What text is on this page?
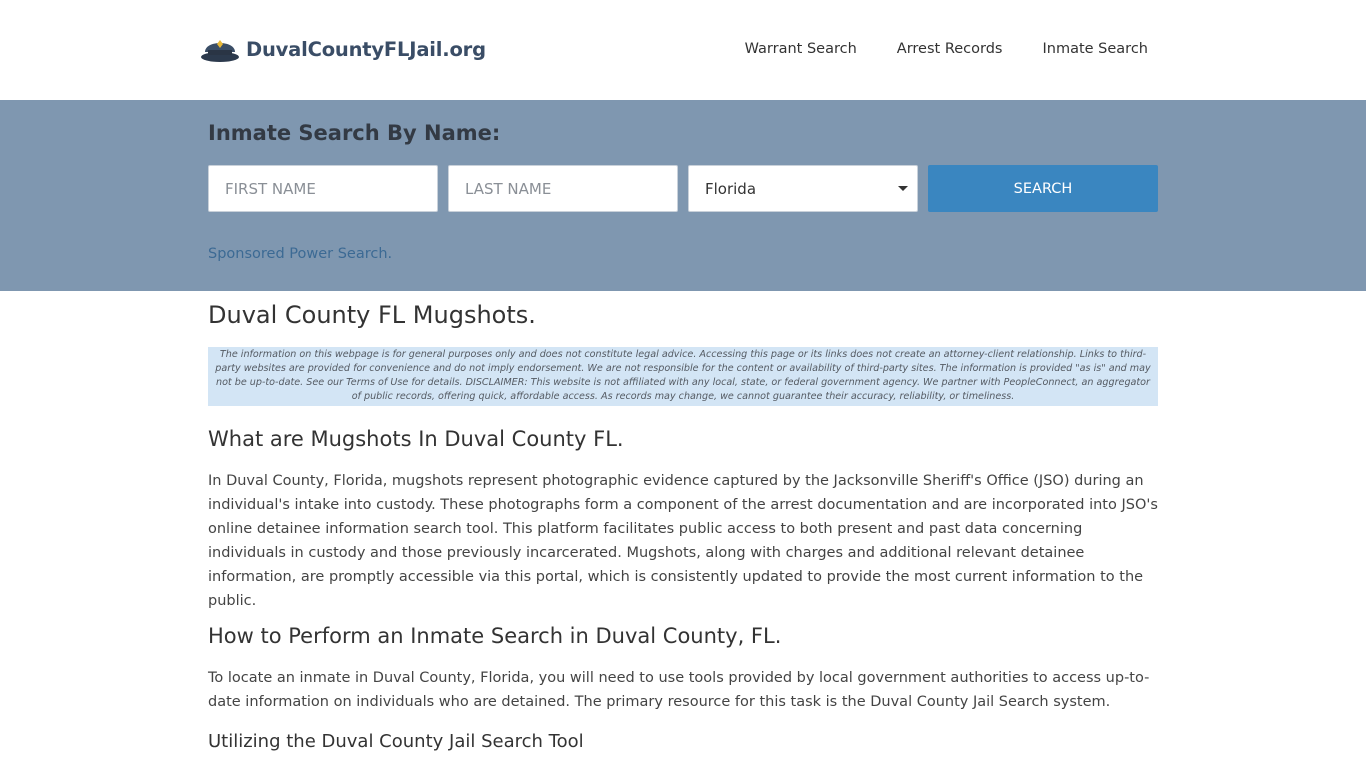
DuvalCountyFLJail.org	Warrant Search	Arrest Records	Inmate Search
Inmate Search By Name:
FIRST NAME
LAST NAME
Florida	SEARCH
Sponsored Power Search.
Duval County FL Mugshots.
The information on this webpage is for general purposes only and does not constitute legal advice. Accessing this page or its links does not create an attorney-client relationship. Links to third-party websites are provided for convenience and do not imply endorsement. We are not responsible for the content or availability of third-party sites. The information is provided "as is" and may not be up-to-date. See our Terms of Use for details. DISCLAIMER: This website is not affiliated with any local, state, or federal government agency. We partner with PeopleConnect, an aggregator of public records, offering quick, affordable access. As records may change, we cannot guarantee their accuracy, reliability, or timeliness.
What are Mugshots In Duval County FL.

In Duval County, Florida, mugshots represent photographic evidence captured by the Jacksonville Sheriff's Office (JSO) during an individual's intake into custody. These photographs form a component of the arrest documentation and are incorporated into JSO's online detainee information search tool. This platform facilitates public access to both present and past data concerning individuals in custody and those previously incarcerated. Mugshots, along with charges and additional relevant detainee information, are promptly accessible via this portal, which is consistently updated to provide the most current information to the public.

How to Perform an Inmate Search in Duval County, FL.

To locate an inmate in Duval County, Florida, you will need to use tools provided by local government authorities to access up-to-date information on individuals who are detained. The primary resource for this task is the Duval County Jail Search system.

Utilizing the Duval County Jail Search Tool
